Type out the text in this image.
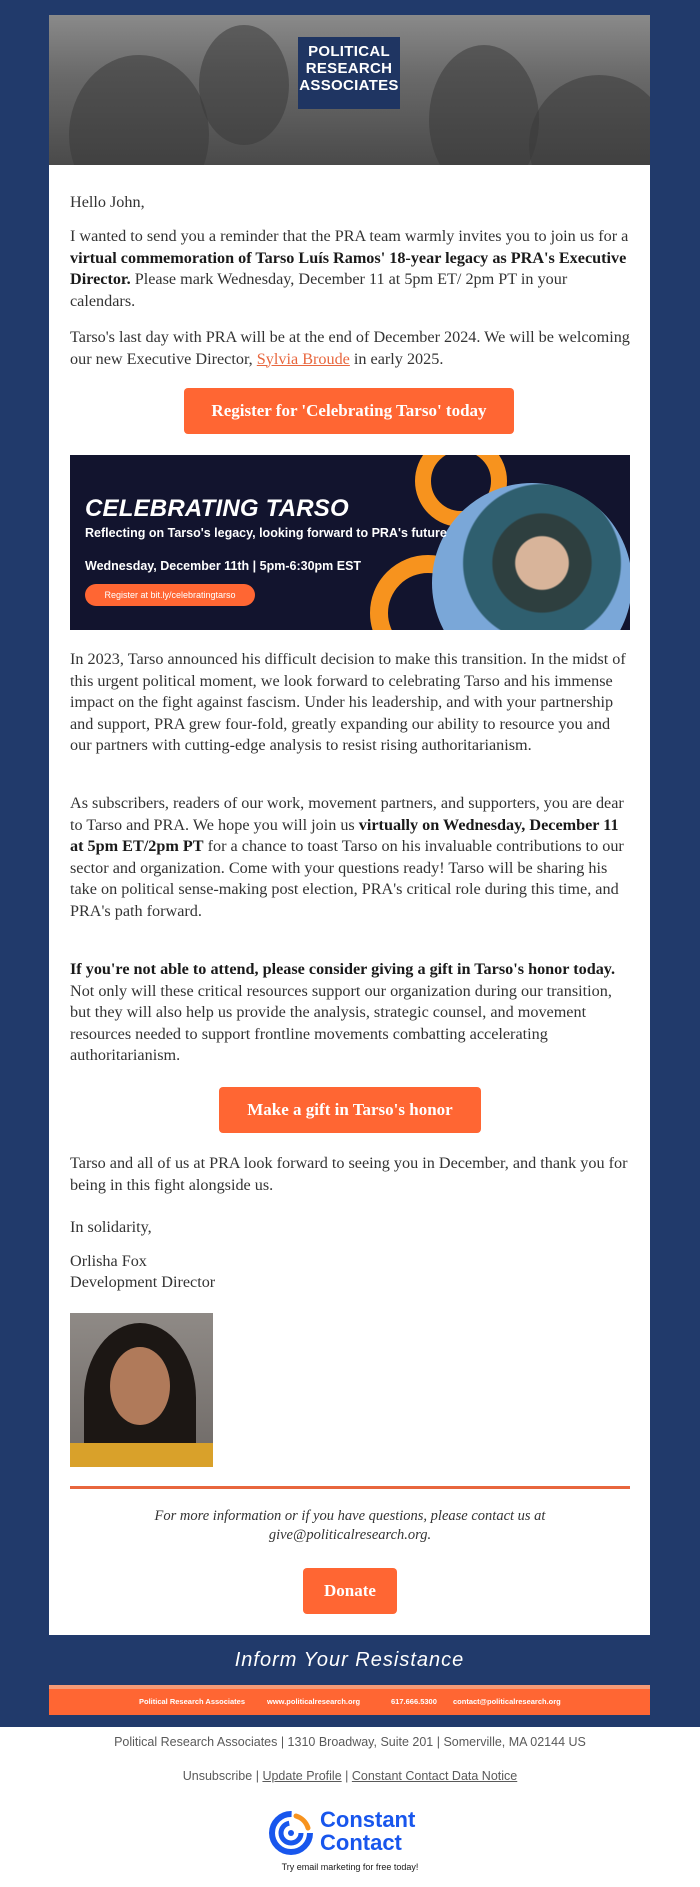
POLITICAL
RESEARCH
ASSOCIATES
Hello John,
I wanted to send you a reminder that the PRA team warmly invites you to join us for a virtual commemoration of Tarso Luís Ramos' 18-year legacy as PRA's Executive Director. Please mark Wednesday, December 11 at 5pm ET/ 2pm PT in your calendars.
Tarso's last day with PRA will be at the end of December 2024. We will be welcoming our new Executive Director, Sylvia Broude in early 2025.
Register for 'Celebrating Tarso' today
CELEBRATING TARSO
Reflecting on Tarso's legacy, looking forward to PRA's future
Wednesday, December 11th | 5pm-6:30pm EST
Register at bit.ly/celebratingtarso
In 2023, Tarso announced his difficult decision to make this transition. In the midst of this urgent political moment, we look forward to celebrating Tarso and his immense impact on the fight against fascism. Under his leadership, and with your partnership and support, PRA grew four-fold, greatly expanding our ability to resource you and our partners with cutting-edge analysis to resist rising authoritarianism.
As subscribers, readers of our work, movement partners, and supporters, you are dear to Tarso and PRA. We hope you will join us virtually on Wednesday, December 11 at 5pm ET/2pm PT for a chance to toast Tarso on his invaluable contributions to our sector and organization. Come with your questions ready! Tarso will be sharing his take on political sense-making post election, PRA's critical role during this time, and PRA's path forward.
If you're not able to attend, please consider giving a gift in Tarso's honor today. Not only will these critical resources support our organization during our transition, but they will also help us provide the analysis, strategic counsel, and movement resources needed to support frontline movements combatting accelerating authoritarianism.
Make a gift in Tarso's honor
Tarso and all of us at PRA look forward to seeing you in December, and thank you for being in this fight alongside us.
In solidarity,
Orlisha Fox
Development Director
For more information or if you have questions, please contact us at give@politicalresearch.org.
Donate
Inform Your Resistance
Political Research Associates	www.politicalresearch.org	617.666.5300 contact@politicalresearch.org
Political Research Associates | 1310 Broadway, Suite 201 | Somerville, MA 02144 US
Unsubscribe | Update Profile | Constant Contact Data Notice
Constant
Contact
Try email marketing for free today!
